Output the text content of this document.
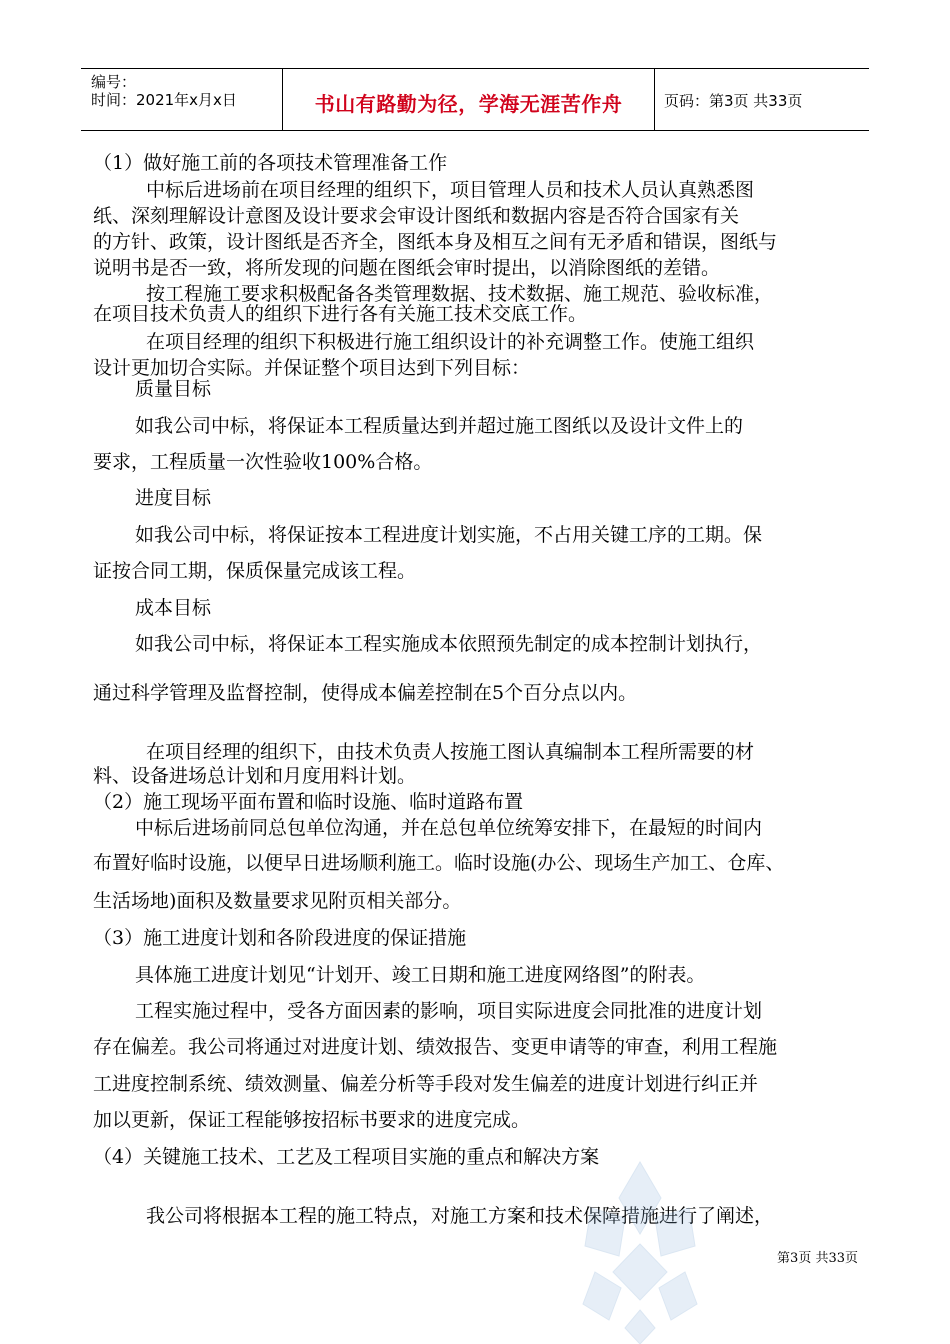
编号：
时间：2021年x月x日	书山有路勤为径，学海无涯苦作舟	页码：第3页 共33页

（1）做好施工前的各项技术管理准备工作

中标后进场前在项目经理的组织下，项目管理人员和技术人员认真熟悉图

纸、深刻理解设计意图及设计要求会审设计图纸和数据内容是否符合国家有关

的方针、政策，设计图纸是否齐全，图纸本身及相互之间有无矛盾和错误，图纸与

说明书是否一致，将所发现的问题在图纸会审时提出，以消除图纸的差错。

按工程施工要求积极配备各类管理数据、技术数据、施工规范、验收标准，

在项目技术负责人的组织下进行各有关施工技术交底工作。

在项目经理的组织下积极进行施工组织设计的补充调整工作。使施工组织

设计更加切合实际。并保证整个项目达到下列目标：

质量目标

如我公司中标，将保证本工程质量达到并超过施工图纸以及设计文件上的

要求，工程质量一次性验收100%合格。

进度目标

如我公司中标，将保证按本工程进度计划实施，不占用关键工序的工期。保

证按合同工期，保质保量完成该工程。

成本目标

如我公司中标，将保证本工程实施成本依照预先制定的成本控制计划执行，

通过科学管理及监督控制，使得成本偏差控制在5个百分点以内。

在项目经理的组织下，由技术负责人按施工图认真编制本工程所需要的材

料、设备进场总计划和月度用料计划。

（2）施工现场平面布置和临时设施、临时道路布置

中标后进场前同总包单位沟通，并在总包单位统筹安排下，在最短的时间内

布置好临时设施，以便早日进场顺利施工。临时设施(办公、现场生产加工、仓库、

生活场地)面积及数量要求见附页相关部分。

（3）施工进度计划和各阶段进度的保证措施

具体施工进度计划见“计划开、竣工日期和施工进度网络图”的附表。

工程实施过程中，受各方面因素的影响，项目实际进度会同批准的进度计划

存在偏差。我公司将通过对进度计划、绩效报告、变更申请等的审查，利用工程施

工进度控制系统、绩效测量、偏差分析等手段对发生偏差的进度计划进行纠正并

加以更新，保证工程能够按招标书要求的进度完成。

（4）关键施工技术、工艺及工程项目实施的重点和解决方案

我公司将根据本工程的施工特点，对施工方案和技术保障措施进行了阐述，

第3页 共33页
